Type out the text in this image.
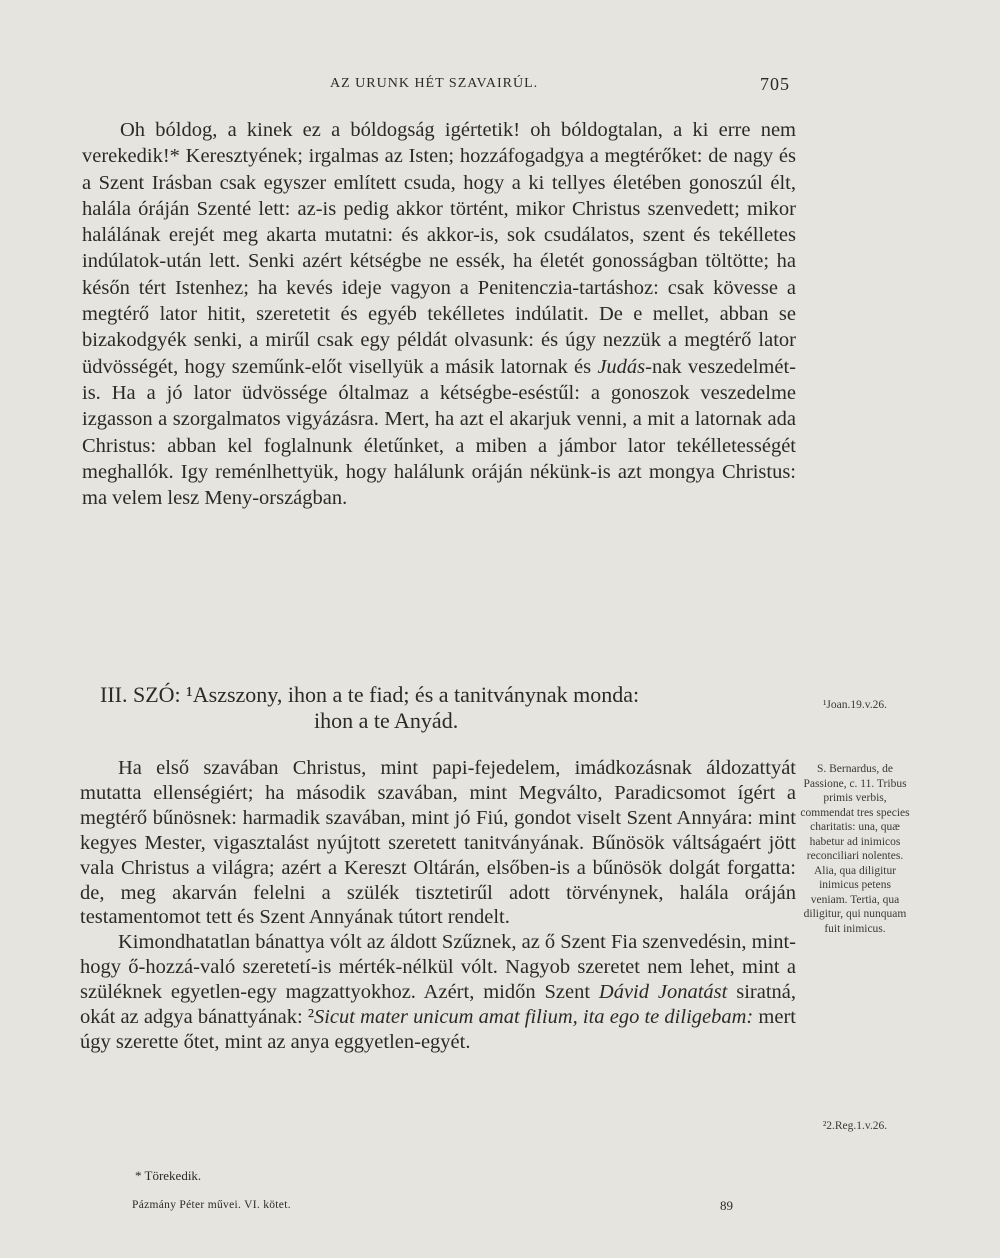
AZ URUNK HÉT SZAVAIRÚL.	705

Oh bóldog, a kinek ez a bóldogság igértetik! oh bóldogtalan, a ki erre nem verekedik!* Keresztyének; irgalmas az Isten; hozzáfogadgya a megtérőket: de nagy és a Szent Irásban csak egyszer említett csuda, hogy a ki tellyes életében gonoszúl élt, halála óráján Szenté lett: az-is pedig akkor történt, mikor Christus szenvedett; mikor halálának erejét meg akarta mutatni: és akkor-is, sok csudálatos, szent és tekélletes indúlatok-után lett. Senki azért kétségbe ne essék, ha életét gonosságban töltötte; ha későn tért Istenhez; ha kevés ideje vagyon a Penitenczia-tartáshoz: csak kövesse a megtérő lator hitit, szeretetit és egyéb tekélletes indúlatit. De e mellet, abban se bizakodgyék senki, a mirűl csak egy példát olvasunk: és úgy nezzük a megtérő lator üdvösségét, hogy szeműnk-előt visellyük a másik latornak és Judás-nak veszedelmét-is. Ha a jó lator üdvössége óltalmaz a kétségbe-eséstűl: a gonoszok veszedelme izgasson a szorgalmatos vigyázásra. Mert, ha azt el akarjuk venni, a mit a latornak ada Christus: abban kel foglalnunk életűnket, a miben a jámbor lator tekélletességét meghallók. Igy reménlhettyük, hogy halálunk oráján nékünk-is azt mongya Christus: ma velem lesz Meny-országban.

III. SZÓ: ¹Aszszony, ihon a te fiad; és a tanitványnak monda:
ihon a te Anyád.

Ha első szavában Christus, mint papi-fejedelem, imádkozásnak áldozattyát mutatta ellenségiért; ha második szavában, mint Megválto, Paradicsomot ígért a megtérő bűnösnek: harmadik szavában, mint jó Fiú, gondot viselt Szent Annyára: mint kegyes Mester, vigasztalást nyújtott szeretett tanitványának. Bűnösök váltságaért jött vala Christus a világra; azért a Kereszt Oltárán, elsőben-is a bűnösök dolgát forgatta: de, meg akarván felelni a szülék tisztetirűl adott törvénynek, halála oráján testamentomot tett és Szent Annyának tútort rendelt.

Kimondhatatlan bánattya vólt az áldott Szűznek, az ő Szent Fia szenvedésin, mint-hogy ő-hozzá-való szeretetí-is mérték-nélkül vólt. Nagyob szeretet nem lehet, mint a szüléknek egyetlen-egy magzattyokhoz. Azért, midőn Szent Dávid Jonatást siratná, okát az adgya bánattyának: ²Sicut mater unicum amat filium, ita ego te diligebam: mert úgy szerette őtet, mint az anya eggyetlen-egyét.

¹Joan.19.v.26.
S. Bernardus, de Passione, c. 11. Tribus primis verbis, commendat tres species charitatis: una, quæ habetur ad inimicos reconciliari nolentes. Alia, qua diligitur inimicus petens veniam. Tertia, qua diligitur, qui nunquam fuit inimicus.
²2.Reg.1.v.26.
* Törekedik.
Pázmány Péter művei. VI. kötet.	89
